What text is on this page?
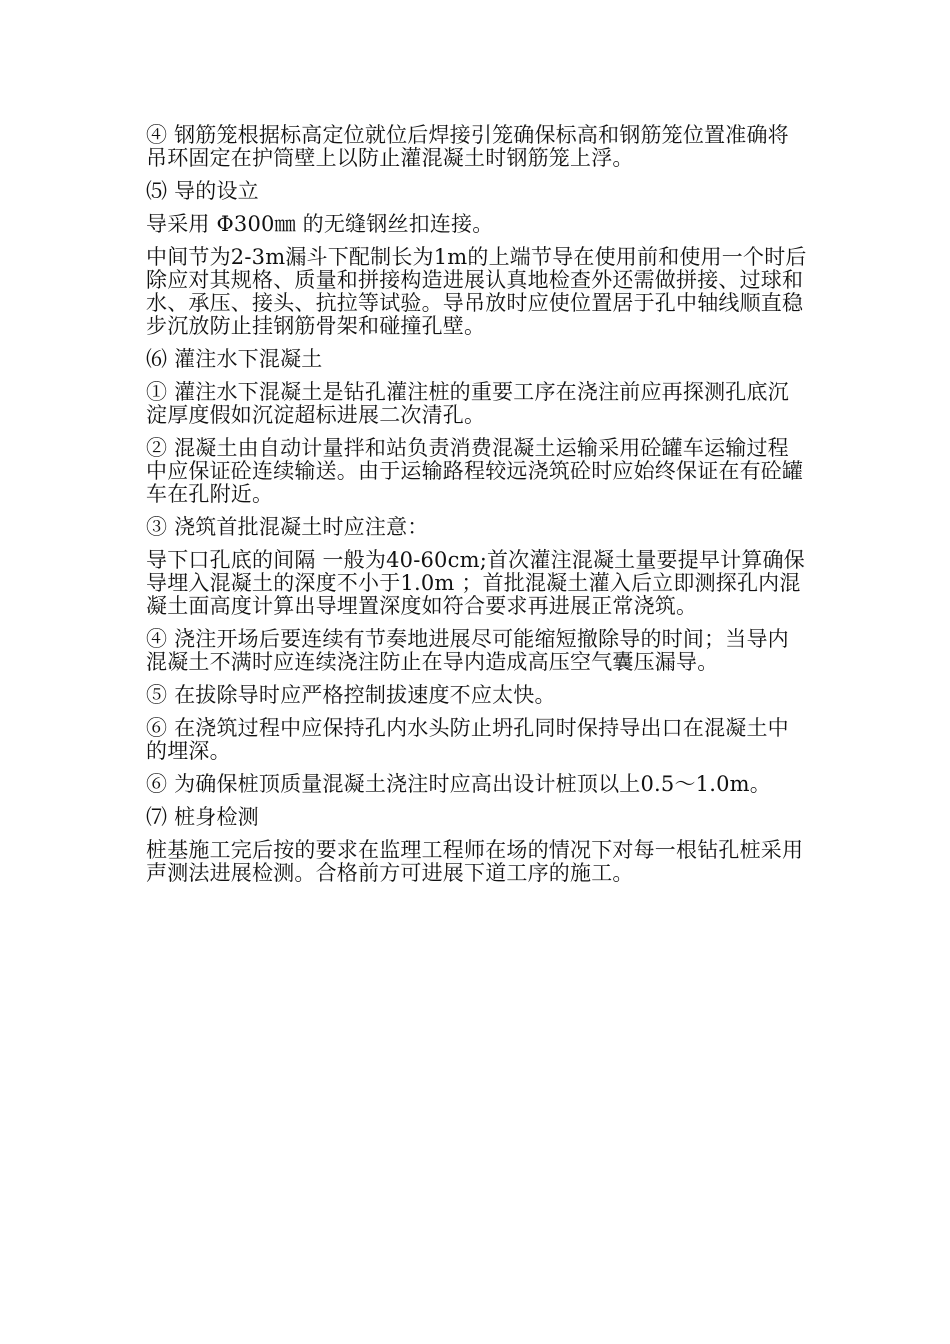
④ 钢筋笼根据标高定位就位后焊接引笼确保标高和钢筋笼位置准确将吊环固定在护筒壁上以防止灌混凝土时钢筋笼上浮。

⑸ 导的设立

导采用 Φ300㎜ 的无缝钢丝扣连接。

中间节为2-3m漏斗下配制长为1m的上端节导在使用前和使用一个时后除应对其规格、质量和拼接构造进展认真地检查外还需做拼接、过球和水、承压、接头、抗拉等试验。导吊放时应使位置居于孔中轴线顺直稳步沉放防止挂钢筋骨架和碰撞孔壁。

⑹ 灌注水下混凝土

① 灌注水下混凝土是钻孔灌注桩的重要工序在浇注前应再探测孔底沉淀厚度假如沉淀超标进展二次清孔。

② 混凝土由自动计量拌和站负责消费混凝土运输采用砼罐车运输过程中应保证砼连续输送。由于运输路程较远浇筑砼时应始终保证在有砼罐车在孔附近。

③ 浇筑首批混凝土时应注意：

导下口孔底的间隔 一般为40-60cm;首次灌注混凝土量要提早计算确保导埋入混凝土的深度不小于1.0m ；首批混凝土灌入后立即测探孔内混凝土面高度计算出导埋置深度如符合要求再进展正常浇筑。

④ 浇注开场后要连续有节奏地进展尽可能缩短撤除导的时间；当导内混凝土不满时应连续浇注防止在导内造成高压空气囊压漏导。

⑤ 在拔除导时应严格控制拔速度不应太快。

⑥ 在浇筑过程中应保持孔内水头防止坍孔同时保持导出口在混凝土中的埋深。

⑥ 为确保桩顶质量混凝土浇注时应高出设计桩顶以上0.5～1.0m。

⑺ 桩身检测

桩基施工完后按的要求在监理工程师在场的情况下对每一根钻孔桩采用声测法进展检测。合格前方可进展下道工序的施工。
